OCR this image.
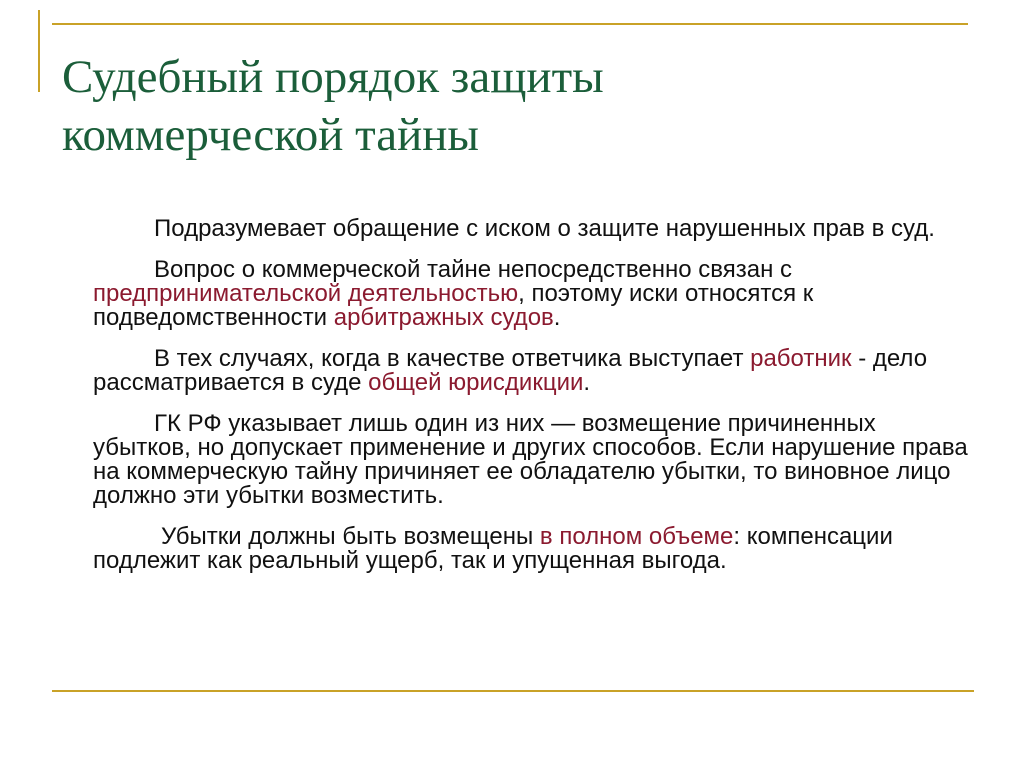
Судебный порядок защиты
коммерческой тайны

Подразумевает обращение с иском о защите нарушенных прав в суд.

Вопрос о коммерческой тайне непосредственно связан с предпринимательской деятельностью, поэтому иски относятся к подведомственности арбитражных судов.

В тех случаях, когда в качестве ответчика выступает работник - дело рассматривается в суде общей юрисдикции.

ГК РФ указывает лишь один из них — возмещение причиненных убытков, но допускает применение и других способов. Если нарушение права на коммерческую тайну причиняет ее обладателю убытки, то виновное лицо должно эти убытки возместить.

Убытки должны быть возмещены в полном объеме: компенсации подлежит как реальный ущерб, так и упущенная выгода.
